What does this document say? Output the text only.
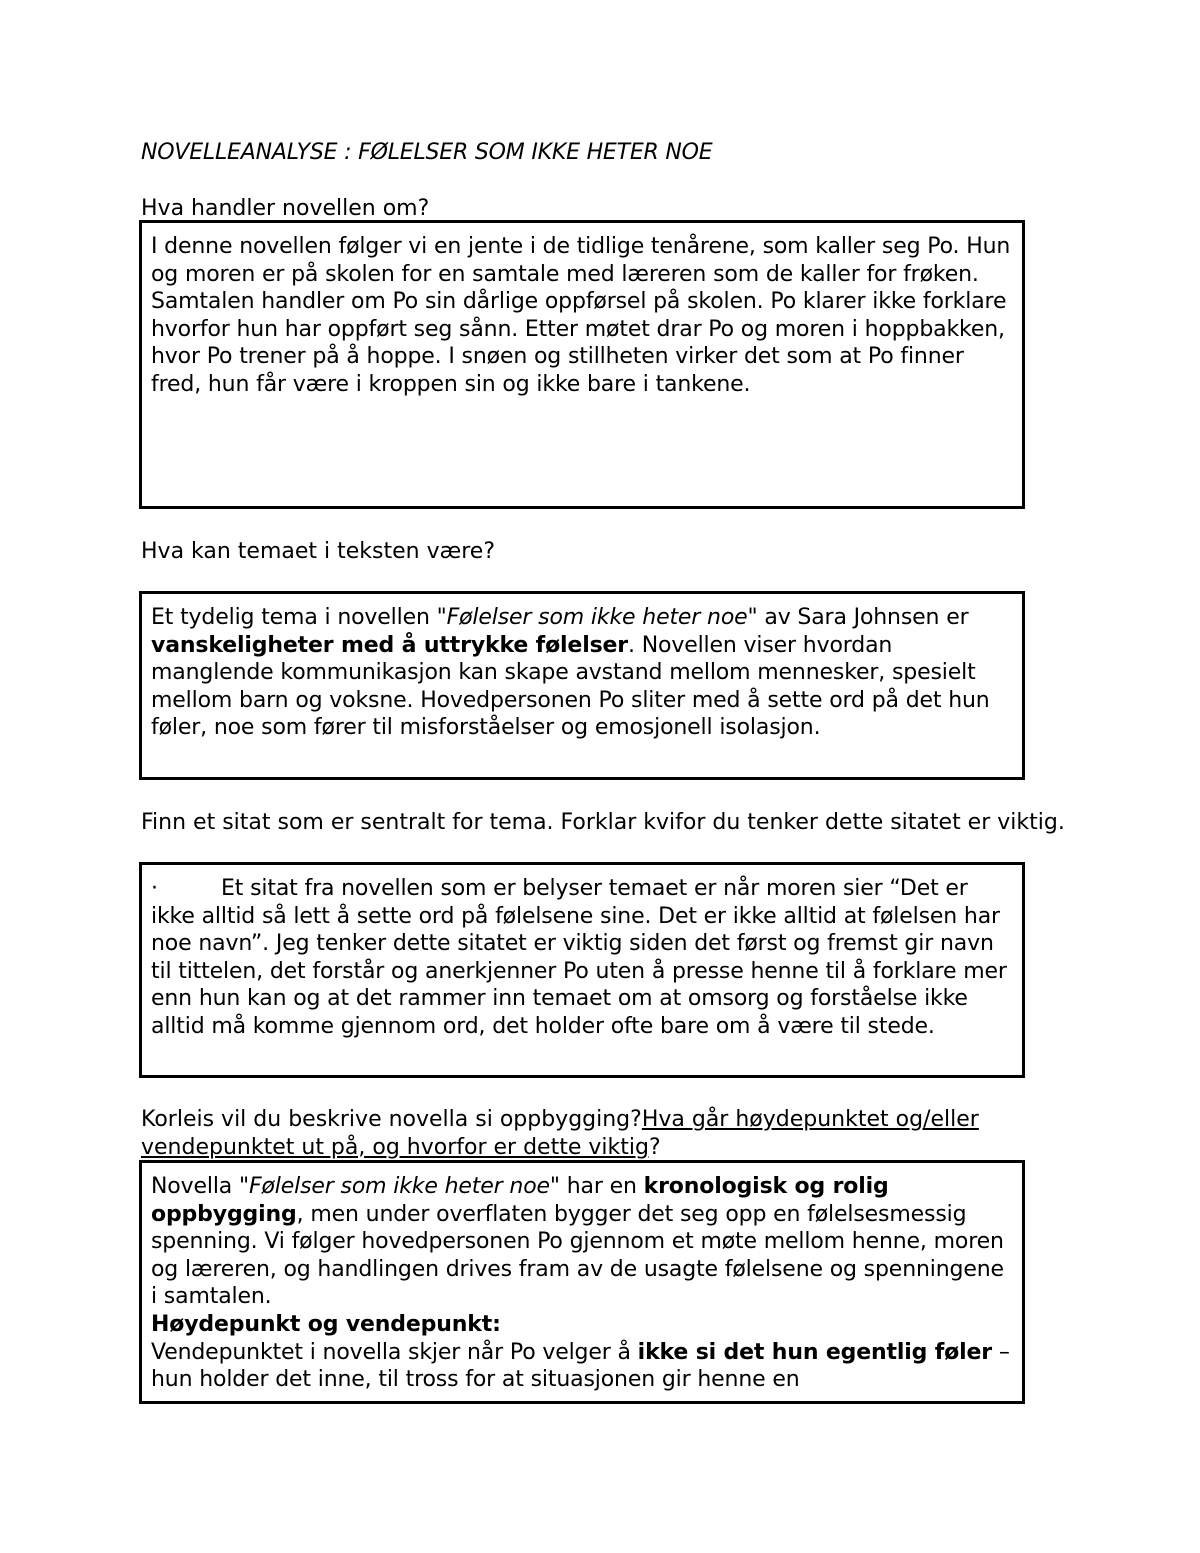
NOVELLEANALYSE : FØLELSER SOM IKKE HETER NOE
Hva handler novellen om?

I denne novellen følger vi en jente i de tidlige tenårene, som kaller seg Po. Hun og moren er på skolen for en samtale med læreren som de kaller for frøken. Samtalen handler om Po sin dårlige oppførsel på skolen. Po klarer ikke forklare hvorfor hun har oppført seg sånn. Etter møtet drar Po og moren i hoppbakken, hvor Po trener på å hoppe. I snøen og stillheten virker det som at Po finner fred, hun får være i kroppen sin og ikke bare i tankene.

Hva kan temaet i teksten være?

Et tydelig tema i novellen "Følelser som ikke heter noe" av Sara Johnsen er vanskeligheter med å uttrykke følelser. Novellen viser hvordan manglende kommunikasjon kan skape avstand mellom mennesker, spesielt mellom barn og voksne. Hovedpersonen Po sliter med å sette ord på det hun føler, noe som fører til misforståelser og emosjonell isolasjon.

Finn et sitat som er sentralt for tema. Forklar kvifor du tenker dette sitatet er viktig.

·	Et sitat fra novellen som er belyser temaet er når moren sier “Det er ikke alltid så lett å sette ord på følelsene sine. Det er ikke alltid at følelsen har noe navn”. Jeg tenker dette sitatet er viktig siden det først og fremst gir navn til tittelen, det forstår og anerkjenner Po uten å presse henne til å forklare mer enn hun kan og at det rammer inn temaet om at omsorg og forståelse ikke alltid må komme gjennom ord, det holder ofte bare om å være til stede.

Korleis vil du beskrive novella si oppbygging?Hva går høydepunktet og/eller vendepunktet ut på, og hvorfor er dette viktig?

Novella "Følelser som ikke heter noe" har en kronologisk og rolig oppbygging, men under overflaten bygger det seg opp en følelsesmessig spenning. Vi følger hovedpersonen Po gjennom et møte mellom henne, moren og læreren, og handlingen drives fram av de usagte følelsene og spenningene i samtalen.

Høydepunkt og vendepunkt:

Vendepunktet i novella skjer når Po velger å ikke si det hun egentlig føler – hun holder det inne, til tross for at situasjonen gir henne en
